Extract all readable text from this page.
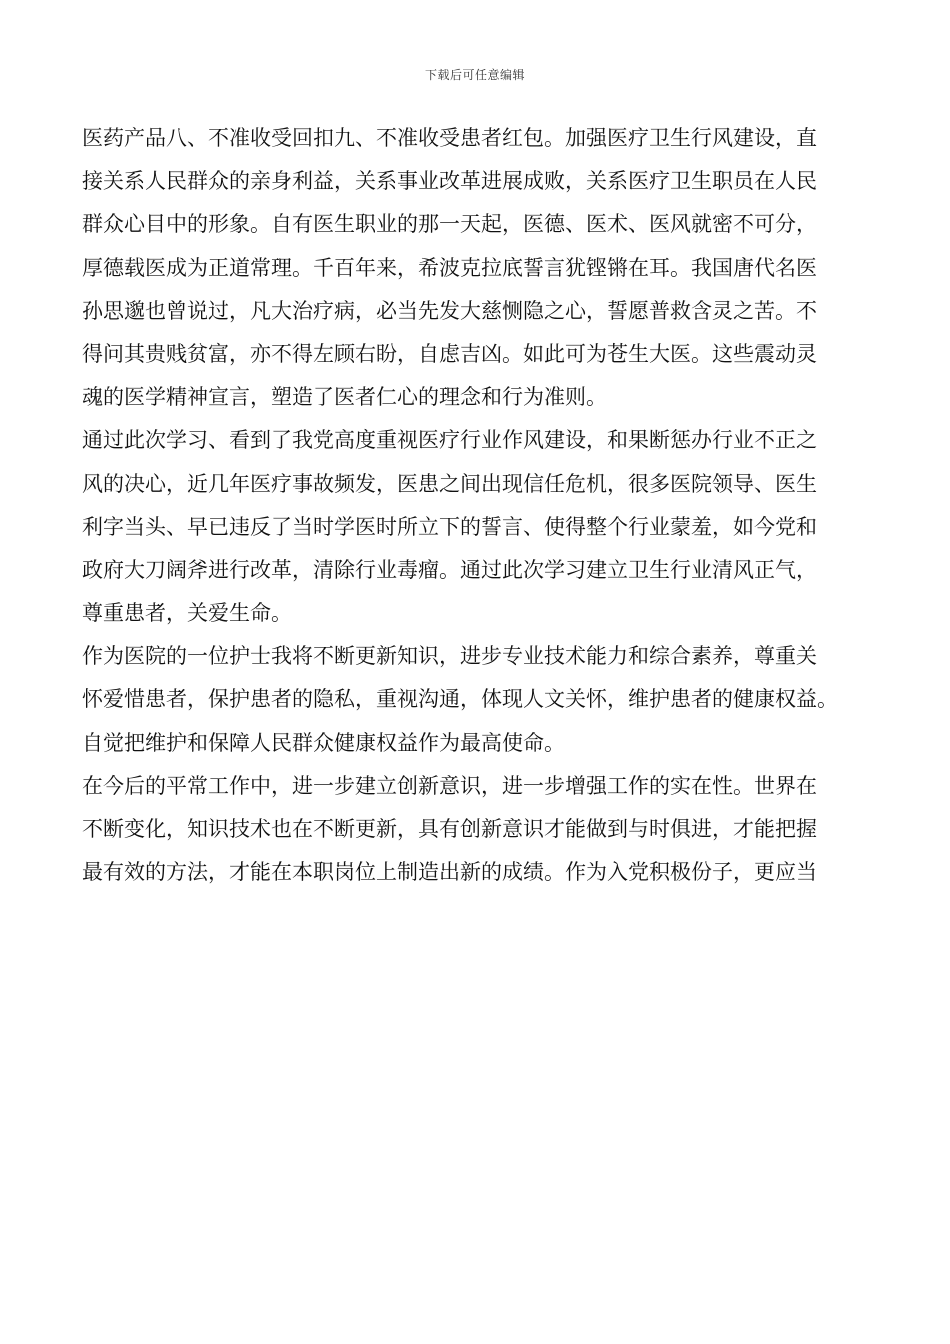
下载后可任意编辑
医药产品八、不准收受回扣九、不准收受患者红包。加强医疗卫生行风建设，直
接关系人民群众的亲身利益，关系事业改革进展成败，关系医疗卫生职员在人民
群众心目中的形象。自有医生职业的那一天起，医德、医术、医风就密不可分，
厚德载医成为正道常理。千百年来，希波克拉底誓言犹铿锵在耳。我国唐代名医
孙思邈也曾说过，凡大治疗病，必当先发大慈恻隐之心，誓愿普救含灵之苦。不
得问其贵贱贫富，亦不得左顾右盼，自虑吉凶。如此可为苍生大医。这些震动灵
魂的医学精神宣言，塑造了医者仁心的理念和行为准则。
通过此次学习、看到了我党高度重视医疗行业作风建设，和果断惩办行业不正之
风的决心，近几年医疗事故频发，医患之间出现信任危机，很多医院领导、医生
利字当头、早已违反了当时学医时所立下的誓言、使得整个行业蒙羞，如今党和
政府大刀阔斧进行改革，清除行业毒瘤。通过此次学习建立卫生行业清风正气，
尊重患者，关爱生命。
作为医院的一位护士我将不断更新知识，进步专业技术能力和综合素养，尊重关
怀爱惜患者，保护患者的隐私，重视沟通，体现人文关怀，维护患者的健康权益。
自觉把维护和保障人民群众健康权益作为最高使命。
在今后的平常工作中，进一步建立创新意识，进一步增强工作的实在性。世界在
不断变化，知识技术也在不断更新，具有创新意识才能做到与时俱进，才能把握
最有效的方法，才能在本职岗位上制造出新的成绩。作为入党积极份子，更应当
